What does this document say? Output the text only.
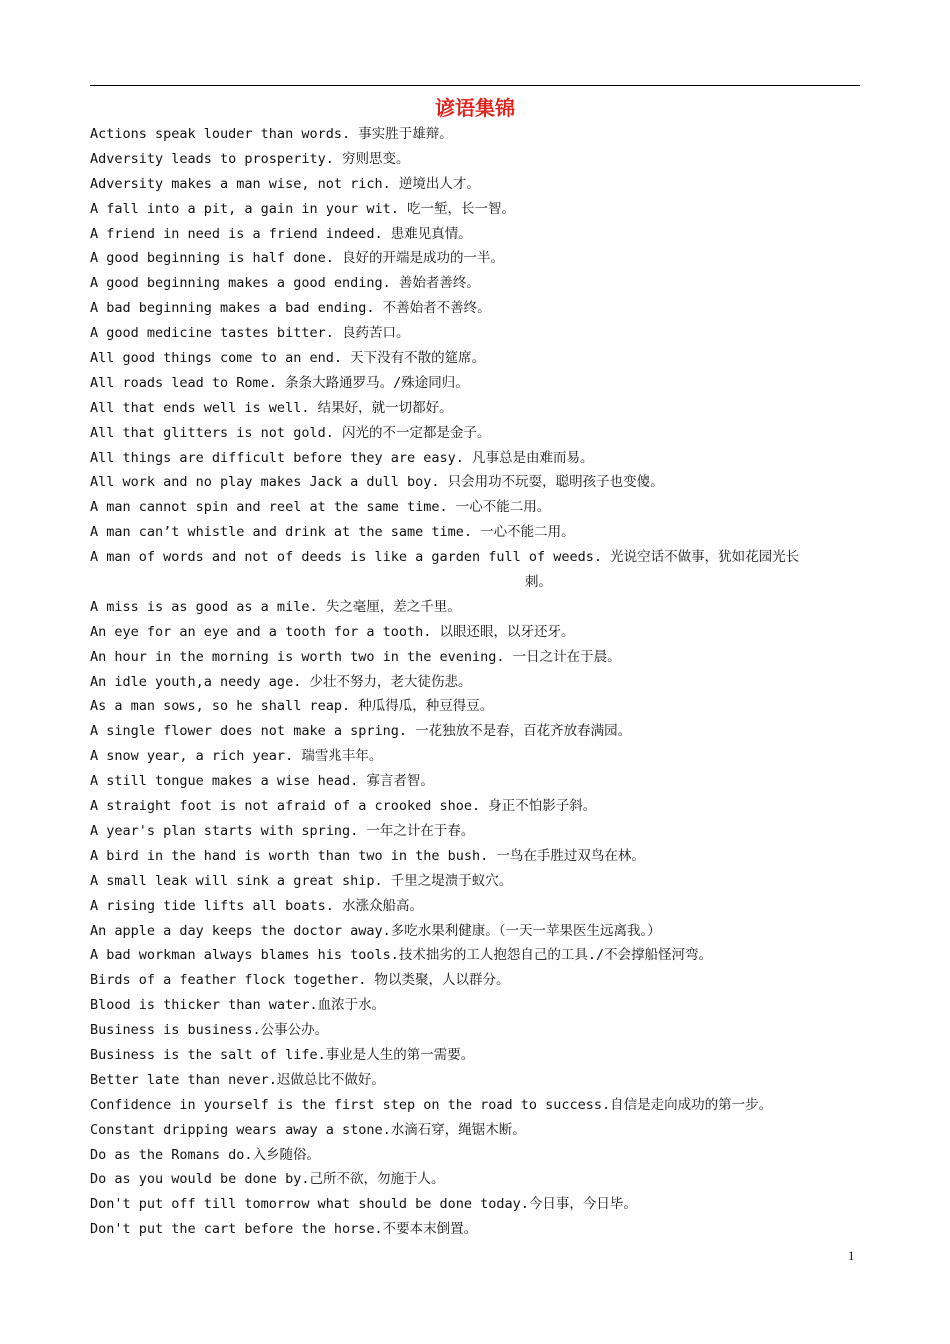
谚语集锦
Actions speak louder than words. 事实胜于雄辩。
Adversity leads to prosperity. 穷则思变。
Adversity makes a man wise, not rich. 逆境出人才。
A fall into a pit, a gain in your wit. 吃一堑，长一智。
A friend in need is a friend indeed. 患难见真情。
A good beginning is half done. 良好的开端是成功的一半。
A good beginning makes a good ending. 善始者善终。
A bad beginning makes a bad ending. 不善始者不善终。
A good medicine tastes bitter. 良药苦口。
All good things come to an end. 天下没有不散的筵席。
All roads lead to Rome. 条条大路通罗马。/殊途同归。
All that ends well is well. 结果好，就一切都好。
All that glitters is not gold. 闪光的不一定都是金子。
All things are difficult before they are easy. 凡事总是由难而易。
All work and no play makes Jack a dull boy. 只会用功不玩耍，聪明孩子也变傻。
A man cannot spin and reel at the same time. 一心不能二用。
A man can’t whistle and drink at the same time. 一心不能二用。
A man of words and not of deeds is like a garden full of weeds. 光说空话不做事，犹如花园光长
刺。
A miss is as good as a mile. 失之毫厘，差之千里。
An eye for an eye and a tooth for a tooth. 以眼还眼，以牙还牙。
An hour in the morning is worth two in the evening. 一日之计在于晨。
An idle youth,a needy age. 少壮不努力，老大徒伤悲。
As a man sows, so he shall reap. 种瓜得瓜，种豆得豆。
A single flower does not make a spring. 一花独放不是春，百花齐放春满园。
A snow year, a rich year. 瑞雪兆丰年。
A still tongue makes a wise head. 寡言者智。
A straight foot is not afraid of a crooked shoe. 身正不怕影子斜。
A year's plan starts with spring. 一年之计在于春。
A bird in the hand is worth than two in the bush. 一鸟在手胜过双鸟在林。
A small leak will sink a great ship. 千里之堤溃于蚁穴。
A rising tide lifts all boats. 水涨众船高。
An apple a day keeps the doctor away.多吃水果利健康。（一天一苹果医生远离我。）
A bad workman always blames his tools.技术拙劣的工人抱怨自己的工具./不会撑船怪河弯。
Birds of a feather flock together. 物以类聚，人以群分。
Blood is thicker than water.血浓于水。
Business is business.公事公办。
Business is the salt of life.事业是人生的第一需要。
Better late than never.迟做总比不做好。
Confidence in yourself is the first step on the road to success.自信是走向成功的第一步。
Constant dripping wears away a stone.水滴石穿，绳锯木断。
Do as the Romans do.入乡随俗。
Do as you would be done by.己所不欲，勿施于人。
Don't put off till tomorrow what should be done today.今日事，今日毕。
Don't put the cart before the horse.不要本末倒置。
1
